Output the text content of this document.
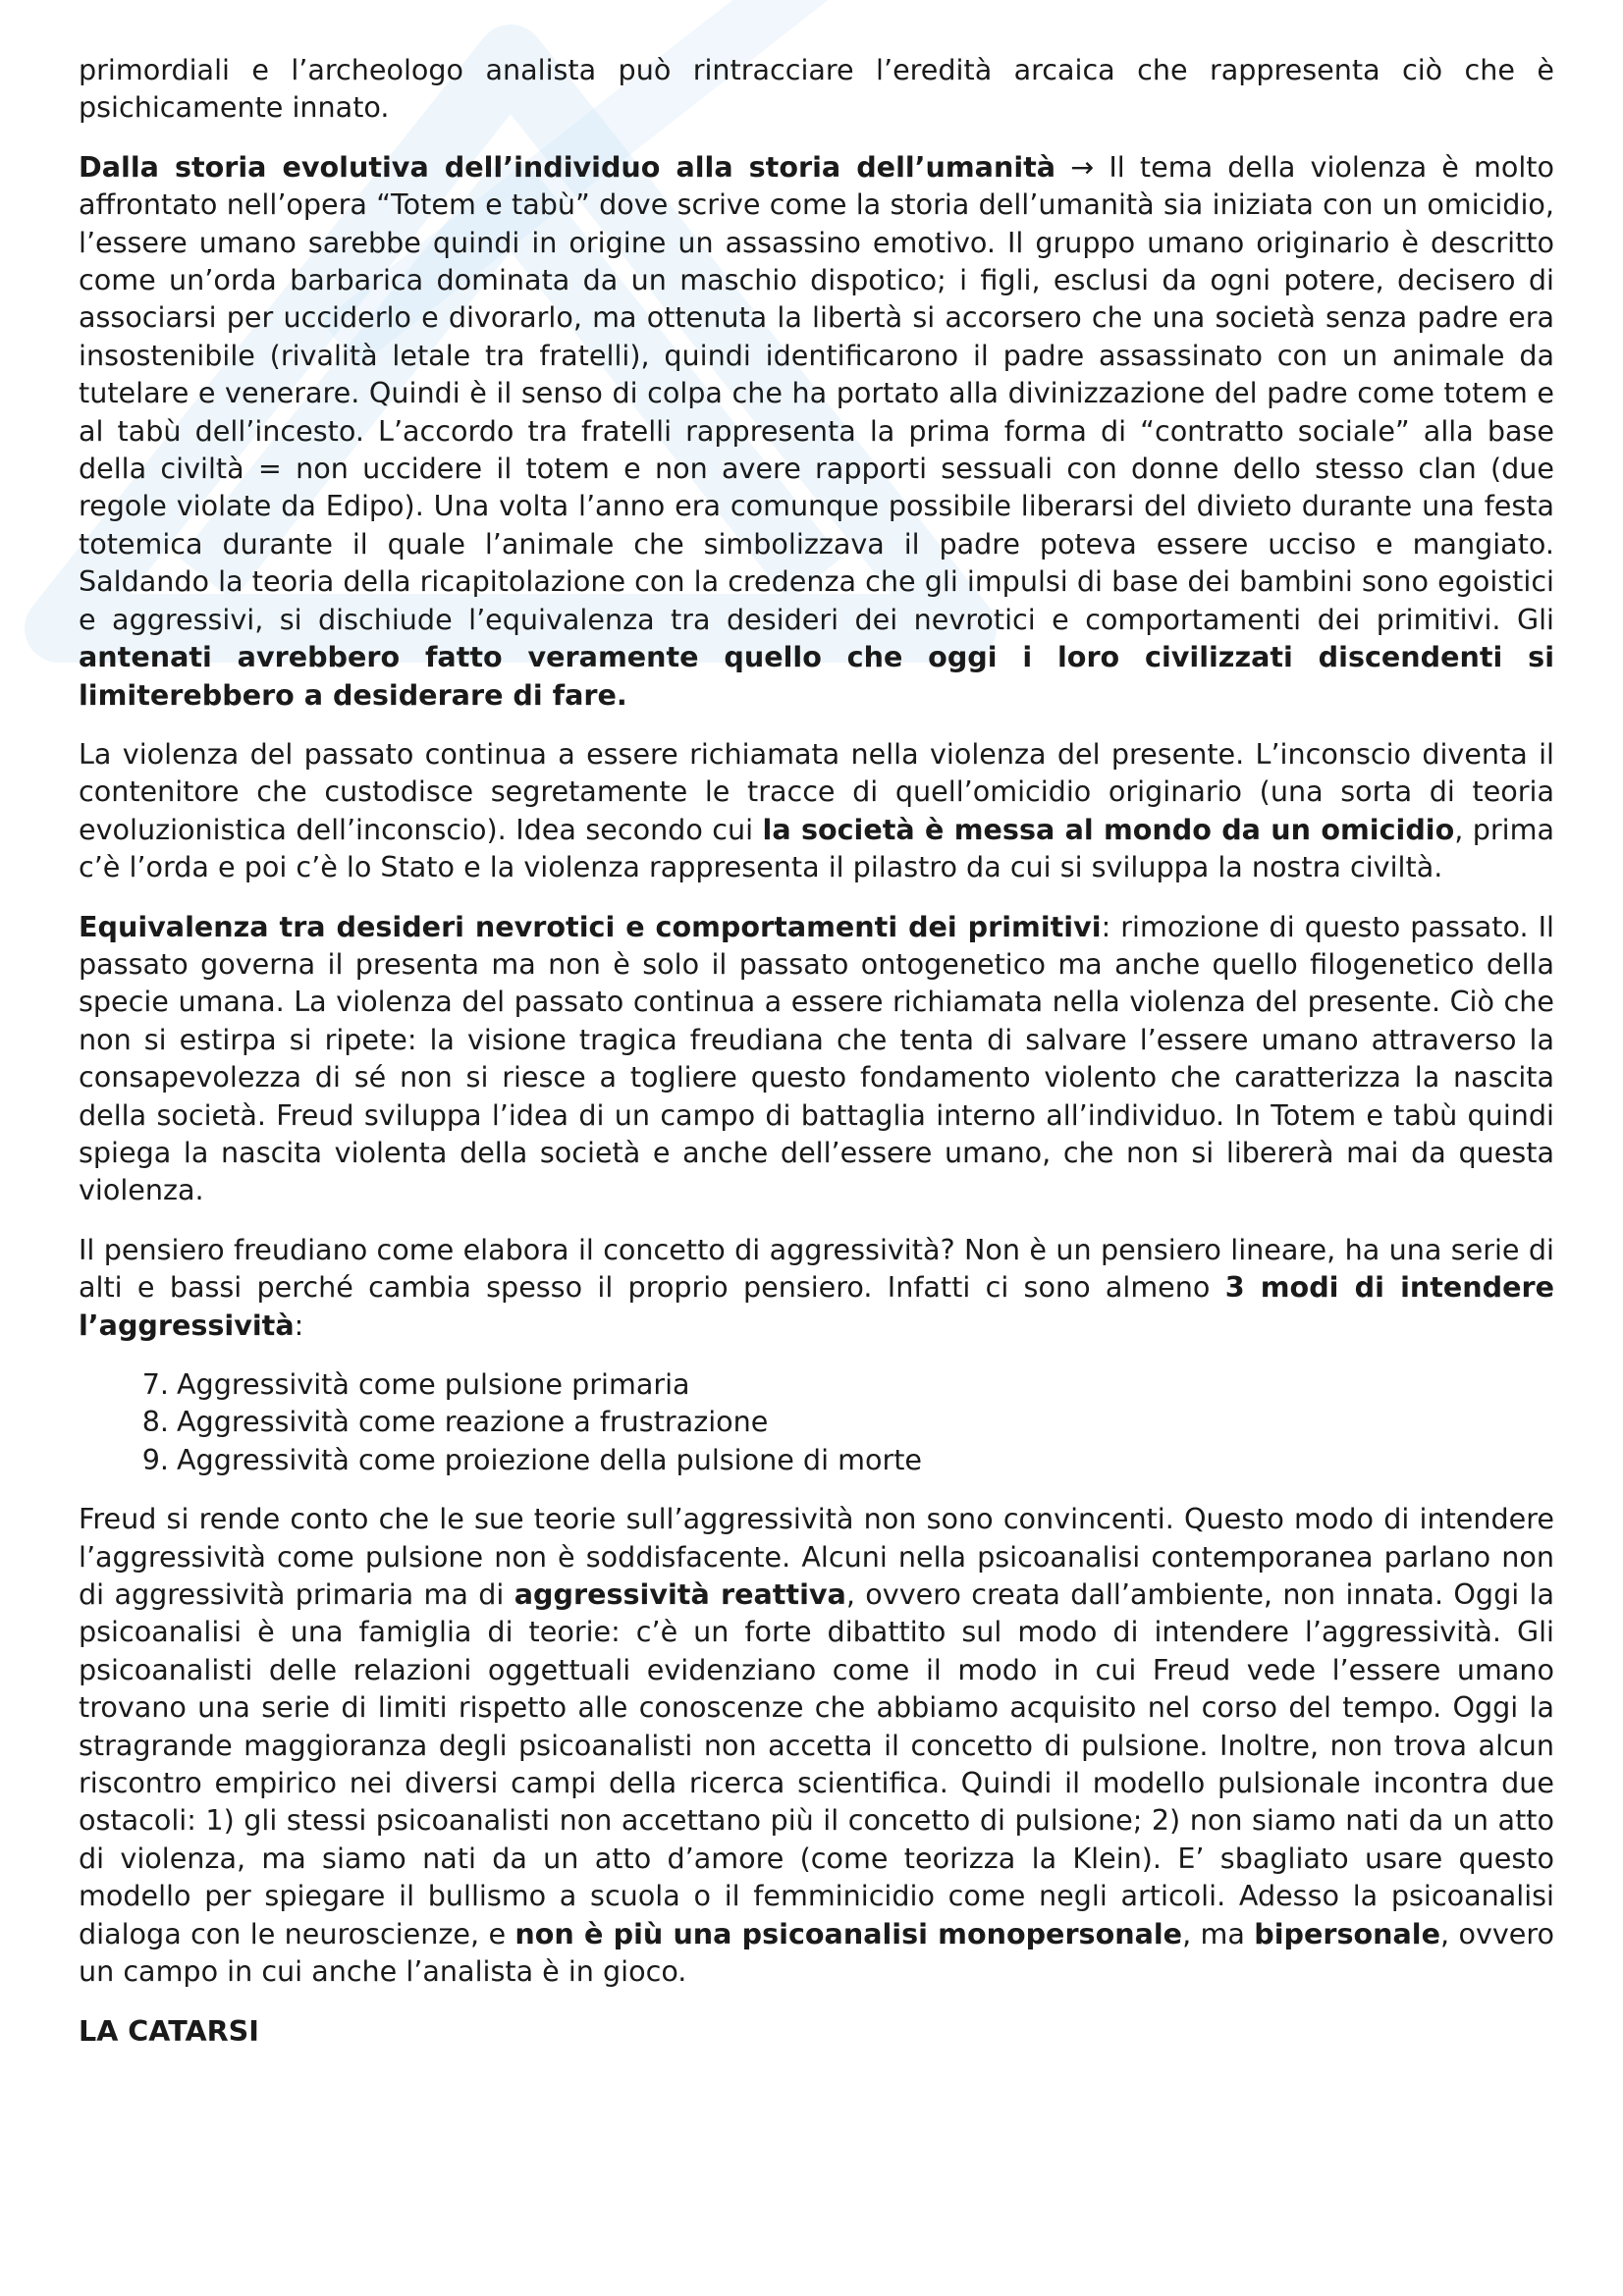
primordiali e l’archeologo analista può rintracciare l’eredità arcaica che rappresenta ciò che è psichicamente innato.

Dalla storia evolutiva dell’individuo alla storia dell’umanità → Il tema della violenza è molto affrontato nell’opera “Totem e tabù” dove scrive come la storia dell’umanità sia iniziata con un omicidio, l’essere umano sarebbe quindi in origine un assassino emotivo. Il gruppo umano originario è descritto come un’orda barbarica dominata da un maschio dispotico; i figli, esclusi da ogni potere, decisero di associarsi per ucciderlo e divorarlo, ma ottenuta la libertà si accorsero che una società senza padre era insostenibile (rivalità letale tra fratelli), quindi identificarono il padre assassinato con un animale da tutelare e venerare. Quindi è il senso di colpa che ha portato alla divinizzazione del padre come totem e al tabù dell’incesto. L’accordo tra fratelli rappresenta la prima forma di “contratto sociale” alla base della civiltà = non uccidere il totem e non avere rapporti sessuali con donne dello stesso clan (due regole violate da Edipo). Una volta l’anno era comunque possibile liberarsi del divieto durante una festa totemica durante il quale l’animale che simbolizzava il padre poteva essere ucciso e mangiato. Saldando la teoria della ricapitolazione con la credenza che gli impulsi di base dei bambini sono egoistici e aggressivi, si dischiude l’equivalenza tra desideri dei nevrotici e comportamenti dei primitivi. Gli antenati avrebbero fatto veramente quello che oggi i loro civilizzati discendenti si limiterebbero a desiderare di fare.

La violenza del passato continua a essere richiamata nella violenza del presente. L’inconscio diventa il contenitore che custodisce segretamente le tracce di quell’omicidio originario (una sorta di teoria evoluzionistica dell’inconscio). Idea secondo cui la società è messa al mondo da un omicidio, prima c’è l’orda e poi c’è lo Stato e la violenza rappresenta il pilastro da cui si sviluppa la nostra civiltà.

Equivalenza tra desideri nevrotici e comportamenti dei primitivi: rimozione di questo passato. Il passato governa il presenta ma non è solo il passato ontogenetico ma anche quello filogenetico della specie umana. La violenza del passato continua a essere richiamata nella violenza del presente. Ciò che non si estirpa si ripete: la visione tragica freudiana che tenta di salvare l’essere umano attraverso la consapevolezza di sé non si riesce a togliere questo fondamento violento che caratterizza la nascita della società. Freud sviluppa l’idea di un campo di battaglia interno all’individuo. In Totem e tabù quindi spiega la nascita violenta della società e anche dell’essere umano, che non si libererà mai da questa violenza.

Il pensiero freudiano come elabora il concetto di aggressività? Non è un pensiero lineare, ha una serie di alti e bassi perché cambia spesso il proprio pensiero. Infatti ci sono almeno 3 modi di intendere l’aggressività:

7. Aggressività come pulsione primaria
8. Aggressività come reazione a frustrazione
9. Aggressività come proiezione della pulsione di morte

Freud si rende conto che le sue teorie sull’aggressività non sono convincenti. Questo modo di intendere l’aggressività come pulsione non è soddisfacente. Alcuni nella psicoanalisi contemporanea parlano non di aggressività primaria ma di aggressività reattiva, ovvero creata dall’ambiente, non innata. Oggi la psicoanalisi è una famiglia di teorie: c’è un forte dibattito sul modo di intendere l’aggressività. Gli psicoanalisti delle relazioni oggettuali evidenziano come il modo in cui Freud vede l’essere umano trovano una serie di limiti rispetto alle conoscenze che abbiamo acquisito nel corso del tempo. Oggi la stragrande maggioranza degli psicoanalisti non accetta il concetto di pulsione. Inoltre, non trova alcun riscontro empirico nei diversi campi della ricerca scientifica. Quindi il modello pulsionale incontra due ostacoli: 1) gli stessi psicoanalisti non accettano più il concetto di pulsione; 2) non siamo nati da un atto di violenza, ma siamo nati da un atto d’amore (come teorizza la Klein). E’ sbagliato usare questo modello per spiegare il bullismo a scuola o il femminicidio come negli articoli. Adesso la psicoanalisi dialoga con le neuroscienze, e non è più una psicoanalisi monopersonale, ma bipersonale, ovvero un campo in cui anche l’analista è in gioco.

LA CATARSI
